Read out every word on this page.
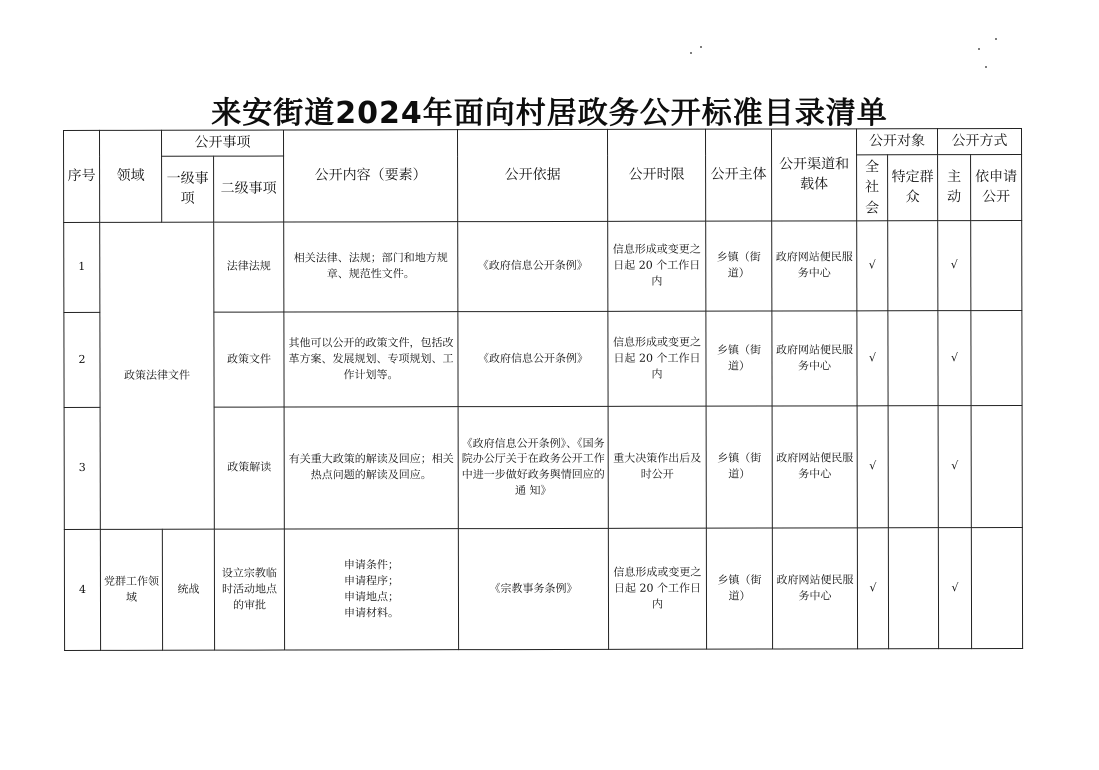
来安街道2024年面向村居政务公开标准目录清单
序号	领域	公开事项		公开内容（要素）	公开依据	公开时限	公开主体	公开渠道和载体	公开对象		公开方式	
		一级事项	二级事项						全社会	特定群众	主动	依申请公开
1	政策法律文件		法律法规	相关法律、法规；部门和地方规章、规范性文件。	《政府信息公开条例》	信息形成或变更之日起 20 个工作日内	乡镇（街道）	政府网站便民服务中心	√		√	
2			政策文件	其他可以公开的政策文件，包括改革方案、发展规划、专项规划、工作计划等。	《政府信息公开条例》	信息形成或变更之日起 20 个工作日内	乡镇（街道）	政府网站便民服务中心	√		√	
3			政策解读	有关重大政策的解读及回应；相关热点问题的解读及回应。	《政府信息公开条例》、《国务院办公厅关于在政务公开工作中进一步做好政务舆情回应的通 知》	重大决策作出后及时公开	乡镇（街道）	政府网站便民服务中心	√		√	
4	党群工作领域	统战	设立宗教临时活动地点的审批	申请条件；
申请程序；
申请地点；
申请材料。	《宗教事务条例》	信息形成或变更之日起 20 个工作日内	乡镇（街道）	政府网站便民服务中心	√		√	
